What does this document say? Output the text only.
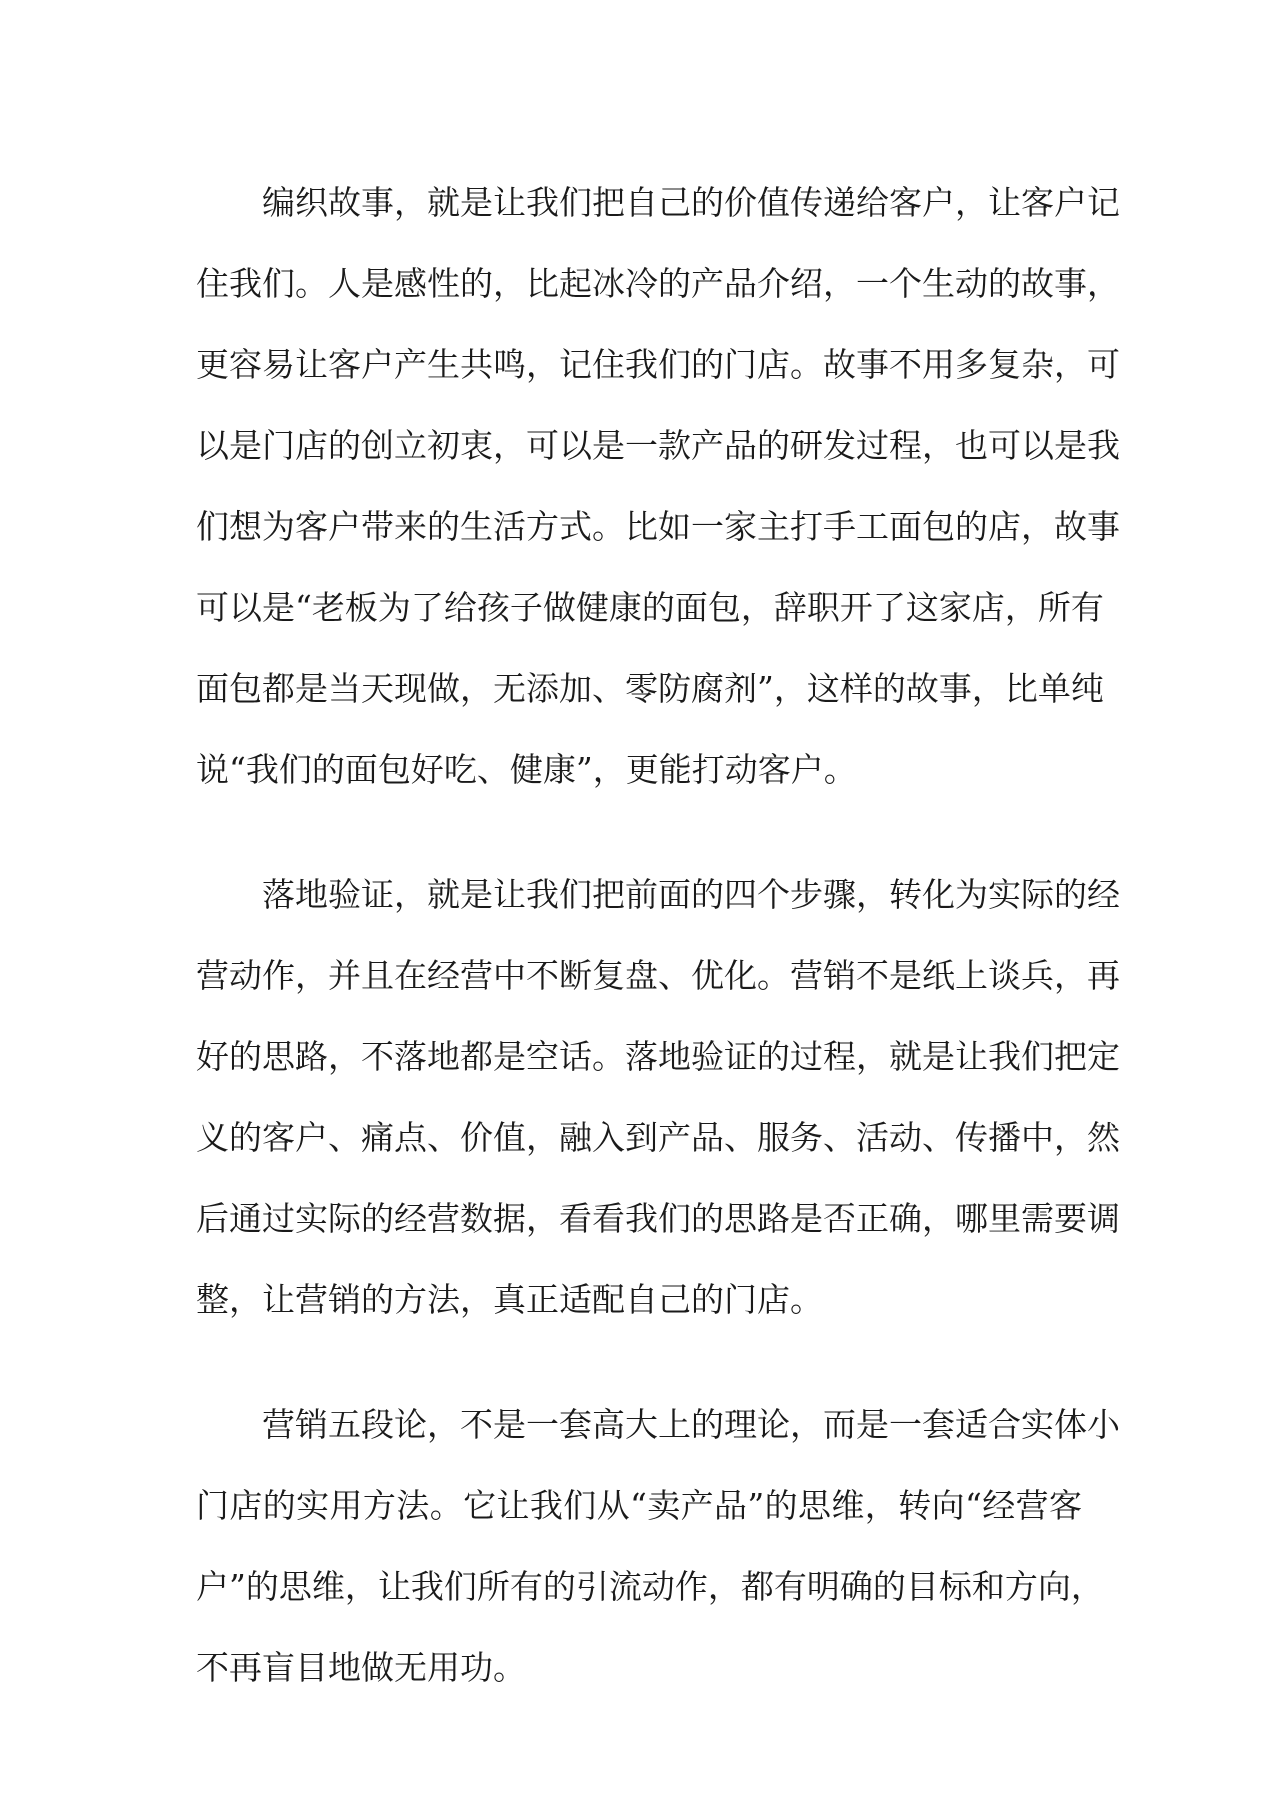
编织故事，就是让我们把自己的价值传递给客户，让客户记
住我们。人是感性的，比起冰冷的产品介绍，一个生动的故事，
更容易让客户产生共鸣，记住我们的门店。故事不用多复杂，可
以是门店的创立初衷，可以是一款产品的研发过程，也可以是我
们想为客户带来的生活方式。比如一家主打手工面包的店，故事
可以是“老板为了给孩子做健康的面包，辞职开了这家店，所有
面包都是当天现做，无添加、零防腐剂”，这样的故事，比单纯
说“我们的面包好吃、健康”，更能打动客户。
落地验证，就是让我们把前面的四个步骤，转化为实际的经
营动作，并且在经营中不断复盘、优化。营销不是纸上谈兵，再
好的思路，不落地都是空话。落地验证的过程，就是让我们把定
义的客户、痛点、价值，融入到产品、服务、活动、传播中，然
后通过实际的经营数据，看看我们的思路是否正确，哪里需要调
整，让营销的方法，真正适配自己的门店。
营销五段论，不是一套高大上的理论，而是一套适合实体小
门店的实用方法。它让我们从“卖产品”的思维，转向“经营客
户”的思维，让我们所有的引流动作，都有明确的目标和方向，
不再盲目地做无用功。
